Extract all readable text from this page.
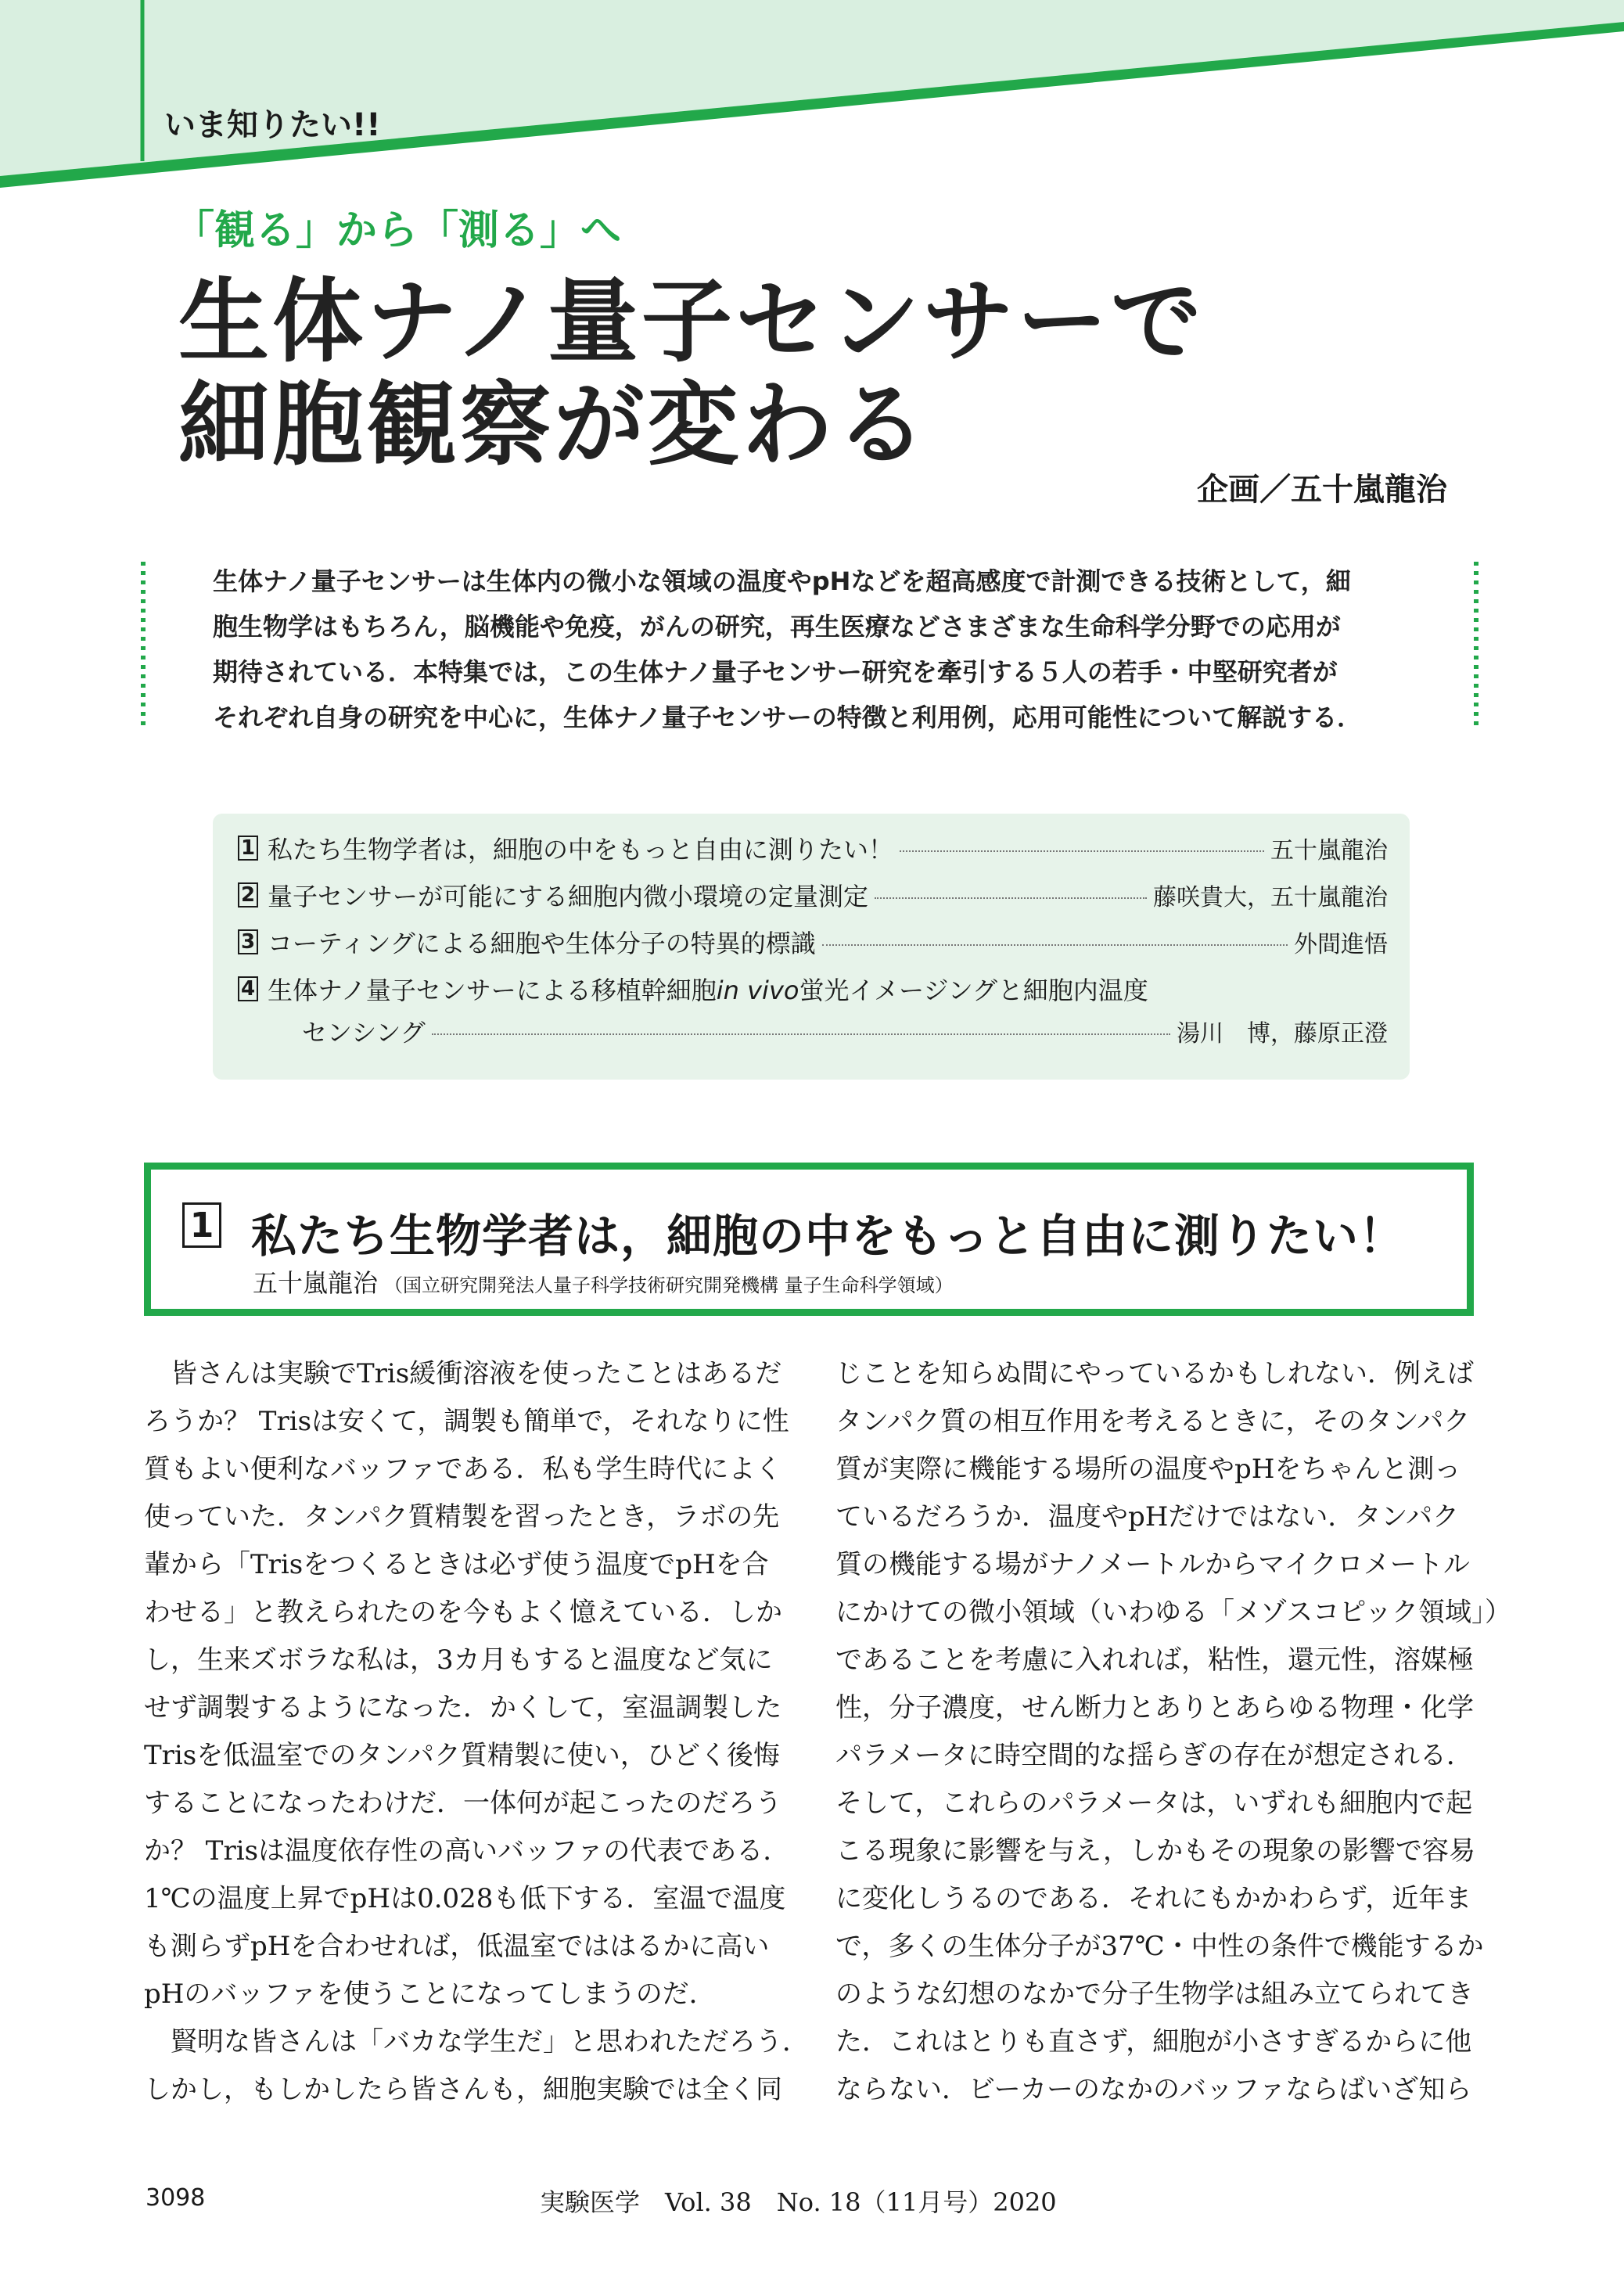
いま知りたい!!
「観る」から「測る」へ
生体ナノ量子センサーで
細胞観察が変わる
企画／五十嵐龍治

生体ナノ量子センサーは生体内の微小な領域の温度やpHなどを超高感度で計測できる技術として，細

胞生物学はもちろん，脳機能や免疫，がんの研究，再生医療などさまざまな生命科学分野での応用が

期待されている．本特集では，この生体ナノ量子センサー研究を牽引する５人の若手・中堅研究者が

それぞれ自身の研究を中心に，生体ナノ量子センサーの特徴と利用例，応用可能性について解説する．

1 私たち生物学者は，細胞の中をもっと自由に測りたい！	五十嵐龍治
2 量子センサーが可能にする細胞内微小環境の定量測定	藤咲貴大，五十嵐龍治
3 コーティングによる細胞や生体分子の特異的標識	外間進悟
4 生体ナノ量子センサーによる移植幹細胞in vivo蛍光イメージングと細胞内温度
センシング	湯川　博，藤原正澄
1 私たち生物学者は，細胞の中をもっと自由に測りたい！
五十嵐龍治 （国立研究開発法人量子科学技術研究開発機構 量子生命科学領域）

　皆さんは実験でTris緩衝溶液を使ったことはあるだ

ろうか？ Trisは安くて，調製も簡単で，それなりに性

質もよい便利なバッファである．私も学生時代によく

使っていた．タンパク質精製を習ったとき，ラボの先

輩から「Trisをつくるときは必ず使う温度でpHを合

わせる」と教えられたのを今もよく憶えている．しか

し，生来ズボラな私は，3カ月もすると温度など気に

せず調製するようになった．かくして，室温調製した

Trisを低温室でのタンパク質精製に使い，ひどく後悔

することになったわけだ．一体何が起こったのだろう

か？ Trisは温度依存性の高いバッファの代表である．

1℃の温度上昇でpHは0.028も低下する．室温で温度

も測らずpHを合わせれば，低温室でははるかに高い

pHのバッファを使うことになってしまうのだ．

　賢明な皆さんは「バカな学生だ」と思われただろう．

しかし，もしかしたら皆さんも，細胞実験では全く同

じことを知らぬ間にやっているかもしれない．例えば

タンパク質の相互作用を考えるときに，そのタンパク

質が実際に機能する場所の温度やpHをちゃんと測っ

ているだろうか．温度やpHだけではない．タンパク

質の機能する場がナノメートルからマイクロメートル

にかけての微小領域（いわゆる「メゾスコピック領域」）

であることを考慮に入れれば，粘性，還元性，溶媒極

性，分子濃度，せん断力とありとあらゆる物理・化学

パラメータに時空間的な揺らぎの存在が想定される．

そして，これらのパラメータは，いずれも細胞内で起

こる現象に影響を与え，しかもその現象の影響で容易

に変化しうるのである．それにもかかわらず，近年ま

で，多くの生体分子が37℃・中性の条件で機能するか

のような幻想のなかで分子生物学は組み立てられてき

た．これはとりも直さず，細胞が小さすぎるからに他

ならない．ビーカーのなかのバッファならばいざ知ら

3098	実験医学　Vol. 38　No. 18（11月号）2020
